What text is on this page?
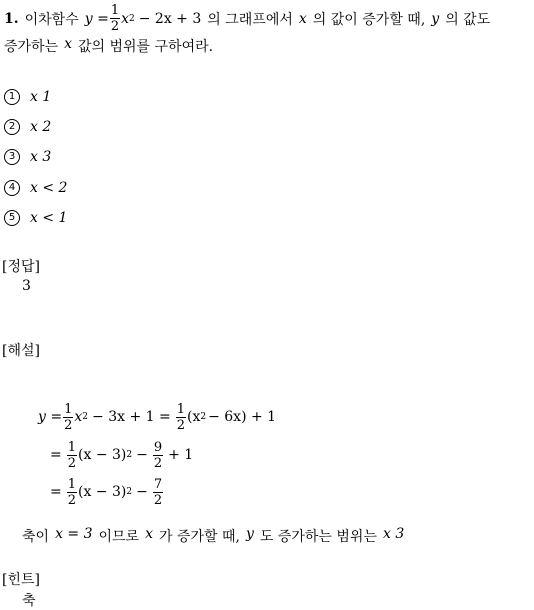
1. 이차함수 $y = \frac{1}{2}$ x 2 − 2x + 3 의 그래프에서 x 의 값이 증가할 때, y 의 값도
증가하는 x 값의 범위를 구하여라.
1	x 1
2	x 2
3	x 3
4	x < 2
5	x < 1
[정답]
3
[해설]
$y = \frac{1}{2}$ x $2 - 3x + 1 = \frac{1}{2} (x$ 2 − 6x) + 1
= $\frac{1}{2} (x - 3) 2 - \frac{9}{2} + 1$
= $\frac{1}{2} (x - 3) 2 - \frac{7}{2}$
축이 x = 3 이므로 x 가 증가할 때, y 도 증가하는 범위는 x 3
[힌트]
축
